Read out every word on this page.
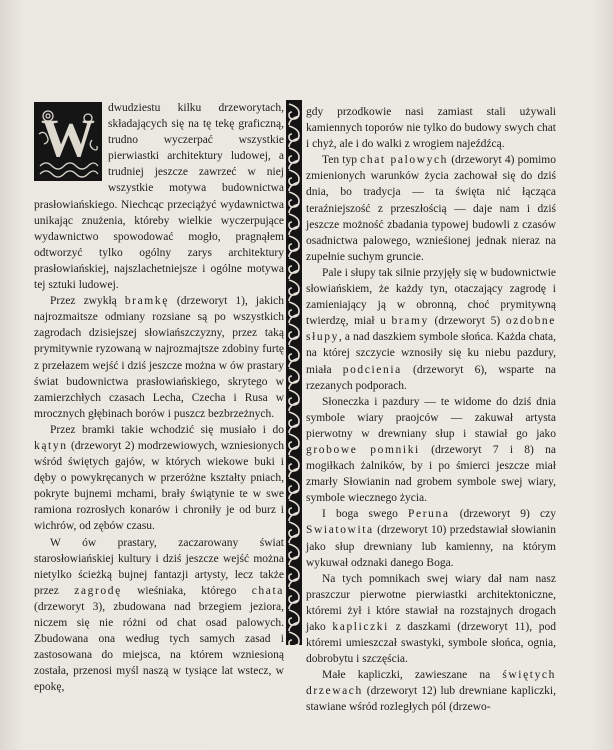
W	dwudziestu kilku drzeworytach, składających się na tę tekę graficzną, trudno wyczerpać wszystkie pierwiastki architektury ludowej, a trudniej jeszcze zawrzeć w niej wszystkie motywa budownictwa prasłowiańskiego. Niechcąc przeciążyć wydawnictwa unikając znużenia, któreby wielkie wyczerpujące wydawnictwo spowodować mogło, pragnąłem odtworzyć tylko ogólny zarys architektury prasłowiańskiej, najszlachetniejsze i ogólne motywa tej sztuki ludowej.

Przez zwykłą bramkę (drzeworyt 1), jakich najrozmaitsze odmiany rozsiane są po wszystkich zagrodach dzisiejszej słowiańszczyzny, przez taką prymitywnie ryzowaną w najrozmajtsze zdobiny furtę z przełazem wejść i dziś jeszcze można w ów prastary świat budownictwa prasłowiańskiego, skrytego w zamierzchłych czasach Lecha, Czecha i Rusa w mrocznych głębinach borów i puszcz bezbrzeżnych.

Przez bramki takie wchodzić się musiało i do kątyn (drzeworyt 2) modrzewiowych, wzniesionych wśród świętych gajów, w których wiekowe buki i dęby o powykręcanych w przeróżne kształty pniach, pokryte bujnemi mchami, brały świątynie te w swe ramiona rozrosłych konarów i chroniły je od burz i wichrów, od zębów czasu.

W ów prastary, zaczarowany świat starosłowiańskiej kultury i dziś jeszcze wejść można nietylko ścieżką bujnej fantazji artysty, lecz także przez zagrodę wieśniaka, którego chata (drzeworyt 3), zbudowana nad brzegiem jeziora, niczem się nie różni od chat osad palowych. Zbudowana ona według tych samych zasad i zastosowana do miejsca, na którem wzniesioną została, przenosi myśl naszą w tysiące lat wstecz, w epokę,

gdy przodkowie nasi zamiast stali używali kamiennych toporów nie tylko do budowy swych chat i chyż, ale i do walki z wrogiem najeźdźcą.

Ten typ chat palowych (drzeworyt 4) pomimo zmienionych warunków życia zachował się do dziś dnia, bo tradycja — ta święta nić łącząca teraźniejszość z przeszłością — daje nam i dziś jeszcze możność zbadania typowej budowli z czasów osadnictwa palowego, wznieśionej jednak nieraz na zupełnie suchym gruncie.

Pale i słupy tak silnie przyjęły się w budownictwie słowiańskiem, że każdy tyn, otaczający zagrodę i zamieniający ją w obronną, choć prymitywną twierdzę, miał u bramy (drzeworyt 5) ozdobne słupy, a nad daszkiem symbole słońca. Każda chata, na której szczycie wznosiły się ku niebu pazdury, miała podcienia (drzeworyt 6), wsparte na rzezanych podporach.

Słoneczka i pazdury — te widome do dziś dnia symbole wiary praojców — zakuwał artysta pierwotny w drewniany słup i stawiał go jako grobowe pomniki (drzeworyt 7 i 8) na mogiłkach żalników, by i po śmierci jeszcze miał zmarły Słowianin nad grobem symbole swej wiary, symbole wiecznego życia.

I boga swego Peruna (drzeworyt 9) czy Swiatowita (drzeworyt 10) przedstawiał słowianin jako słup drewniany lub kamienny, na którym wykuwał odznaki danego Boga.

Na tych pomnikach swej wiary dał nam nasz praszczur pierwotne pierwiastki architektoniczne, któremi żył i które stawiał na rozstajnych drogach jako kapliczki z daszkami (drzeworyt 11), pod któremi umieszczał swastyki, symbole słońca, ognia, dobrobytu i szczęścia.

Małe kapliczki, zawieszane na świętych drzewach (drzeworyt 12) lub drewniane kapliczki, stawiane wśród rozległych pól (drzewo-
